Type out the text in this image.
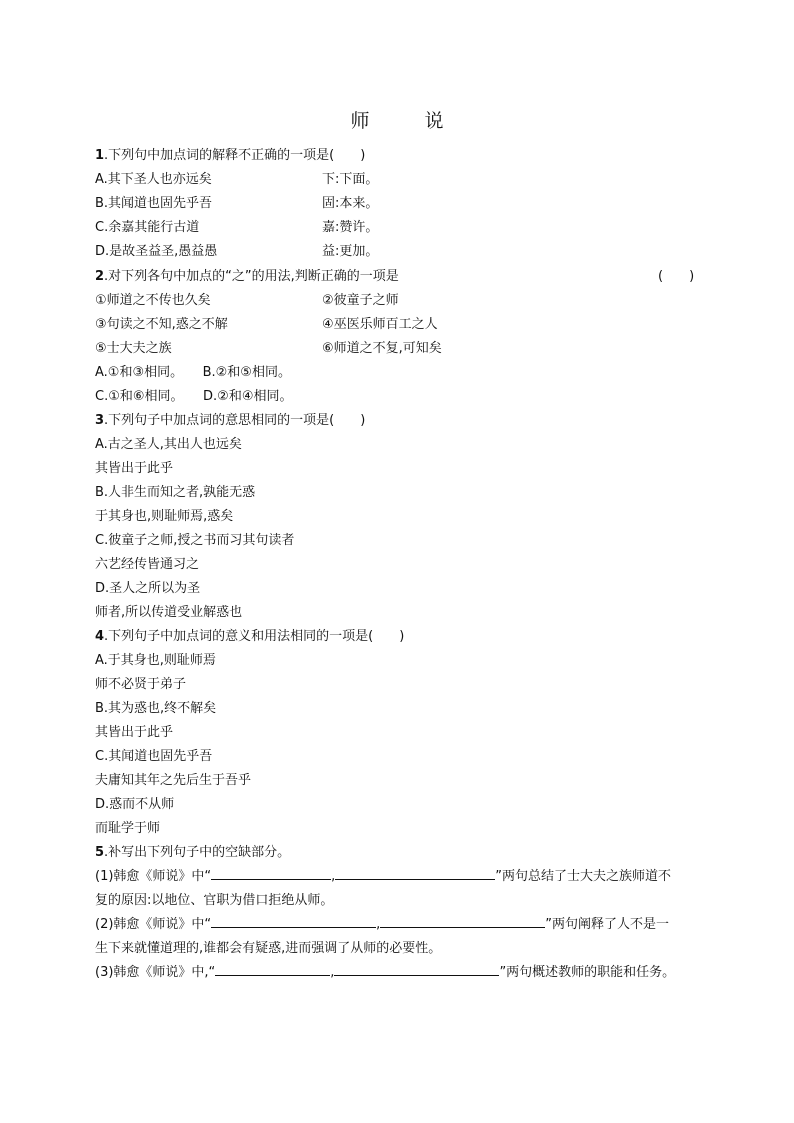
师　说
1.下列句中加点词的解释不正确的一项是(　　)
A.其下圣人也亦远矣	下:下面。
B.其闻道也固先乎吾	固:本来。
C.余嘉其能行古道	嘉:赞许。
D.是故圣益圣,愚益愚	益:更加。
2.对下列各句中加点的“之”的用法,判断正确的一项是	(　　)
①师道之不传也久矣	②彼童子之师
③句读之不知,惑之不解	④巫医乐师百工之人
⑤士大夫之族	⑥师道之不复,可知矣
A.①和③相同。　　B.②和⑤相同。
C.①和⑥相同。　　D.②和④相同。
3.下列句子中加点词的意思相同的一项是(　　)
A.古之圣人,其出人也远矣
其皆出于此乎
B.人非生而知之者,孰能无惑
于其身也,则耻师焉,惑矣
C.彼童子之师,授之书而习其句读者
六艺经传皆通习之
D.圣人之所以为圣
师者,所以传道受业解惑也
4.下列句子中加点词的意义和用法相同的一项是(　　)
A.于其身也,则耻师焉
师不必贤于弟子
B.其为惑也,终不解矣
其皆出于此乎
C.其闻道也固先乎吾
夫庸知其年之先后生于吾乎
D.惑而不从师
而耻学于师
5.补写出下列句子中的空缺部分。
(1)韩愈《师说》中“	,	”两句总结了士大夫之族师道不
复的原因:以地位、官职为借口拒绝从师。
(2)韩愈《师说》中“	,	”两句阐释了人不是一
生下来就懂道理的,谁都会有疑惑,进而强调了从师的必要性。
(3)韩愈《师说》中,“	,	”两句概述教师的职能和任务。
